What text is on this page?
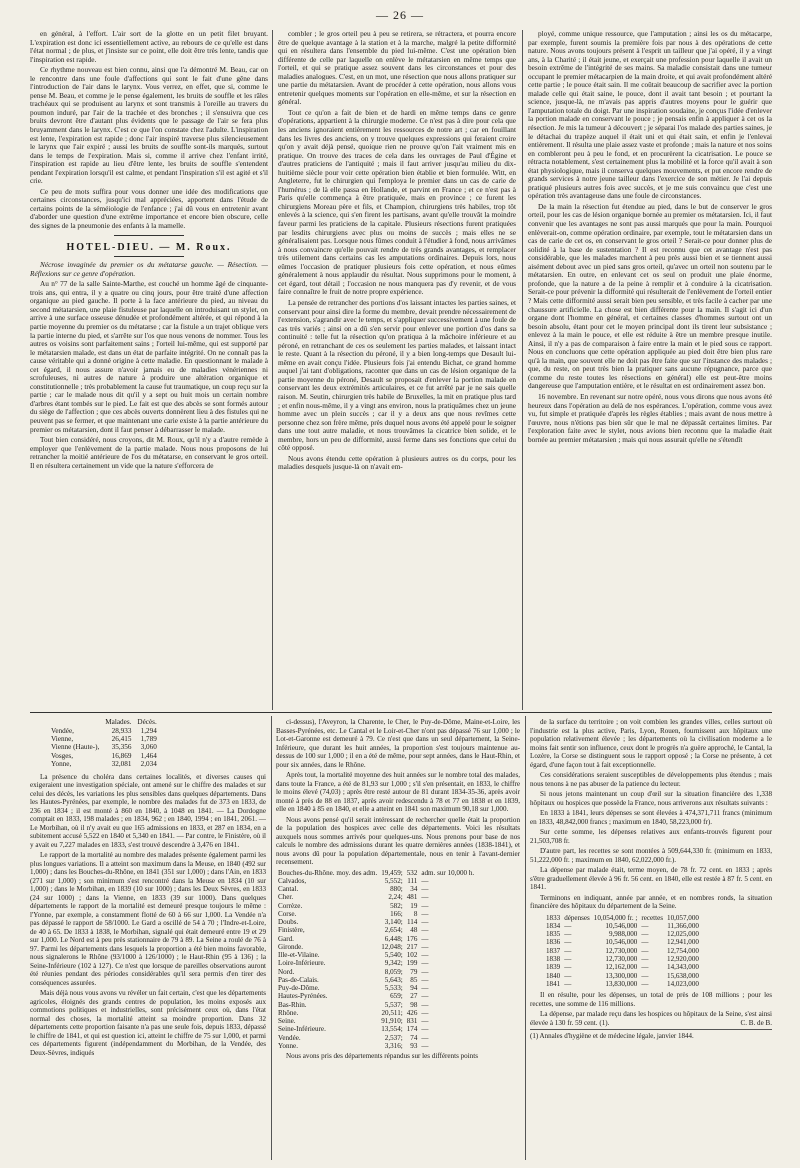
— 26 —

en général, à l'effort. L'air sort de la glotte en un petit filet bruyant. L'expiration est donc ici essentiellement active, au rebours de ce qu'elle est dans l'état normal ; de plus, et j'insiste sur ce point, elle doit être très lente, tandis que l'inspiration est rapide.

Ce rhythme nouveau est bien connu, ainsi que l'a démontré M. Beau, car on le rencontre dans une foule d'affections qui sont le fait d'une gêne dans l'introduction de l'air dans le larynx. Vous verrez, en effet, que si, comme le pense M. Beau, et comme je le pense également, les bruits de souffle et les râles trachéaux qui se produisent au larynx et sont transmis à l'oreille au travers du poumon induré, par l'air de la trachée et des bronches ; il s'ensuivra que ces bruits devront être d'autant plus évidents que le passage de l'air se fera plus bruyamment dans le larynx. C'est ce que l'on constate chez l'adulte. L'inspiration est lente, l'expiration est rapide ; donc l'air inspiré traverse plus silencieusement le larynx que l'air expiré ; aussi les bruits de souffle sont-ils marqués, surtout dans le temps de l'expiration. Mais si, comme il arrive chez l'enfant irrité, l'inspiration est rapide au lieu d'être lente, les bruits de souffle s'entendent pendant l'expiration lorsqu'il est calme, et pendant l'inspiration s'il est agité et s'il crie.

Ce peu de mots suffira pour vous donner une idée des modifications que certaines circonstances, jusqu'ici mal appréciées, apportent dans l'étude de certains points de la séméiologie de l'enfance ; j'ai dû vous en entretenir avant d'aborder une question d'une extrême importance et encore bien obscure, celle des signes de la pneumonie des enfants à la mamelle.

HOTEL-DIEU. — M. Roux.

Nécrose invaginée du premier os du métatarse gauche. — Résection. — Réflexions sur ce genre d'opération.

Au n° 77 de la salle Sainte-Marthe, est couché un homme âgé de cinquante-trois ans, qui entra, il y a quatre ou cinq jours, pour être traité d'une affection organique au pied gauche. Il porte à la face antérieure du pied, au niveau du second métatarsien, une plaie fistuleuse par laquelle on introduisant un stylet, on arrive à une surface osseuse dénudée et profondément altérée, et qui répond à la partie moyenne du premier os du métatarse ; car la fistule a un trajet oblique vers la partie interne du pied, et s'arrête sur l'os que nous venons de nommer. Tous les autres os voisins sont parfaitement sains ; l'orteil lui-même, qui est supporté par le métatarsien malade, est dans un état de parfaite intégrité. On ne connaît pas la cause véritable qui a donné origine à cette maladie. En questionnant le malade à cet égard, il nous assure n'avoir jamais eu de maladies vénériennes ni scrofuleuses, ni autres de nature à produire une altération organique et constitutionnelle ; très probablement la cause fut traumatique, un coup reçu sur la partie ; car le malade nous dit qu'il y a sept ou huit mois un certain nombre d'arbres étant tombés sur le pied. Le fait est que des abcès se sont formés autour du siège de l'affection ; que ces abcès ouverts donnèrent lieu à des fistules qui ne peuvent pas se fermer, et que maintenant une carie existe à la partie antérieure du premier os métatarsien, dont il faut penser à débarrasser le malade.

Tout bien considéré, nous croyons, dit M. Roux, qu'il n'y a d'autre remède à employer que l'enlèvement de la partie malade. Nous nous proposons de lui retrancher la moitié antérieure de l'os du métatarse, en conservant le gros orteil. Il en résultera certainement un vide que la nature s'efforcera de

combler ; le gros orteil peu à peu se retirera, se rétractera, et pourra encore être de quelque avantage à la station et à la marche, malgré la petite difformité qui en résultera dans l'ensemble du pied lui-même. C'est une opération bien différente de celle par laquelle on enlève le métatarsien en même temps que l'orteil, et qui se pratique assez souvent dans les circonstances et pour des maladies analogues. C'est, en un mot, une résection que nous allons pratiquer sur une partie du métatarsien. Avant de procéder à cette opération, nous allons vous entretenir quelques moments sur l'opération en elle-même, et sur la résection en général.

Tout ce qu'on a fait de bien et de hardi en même temps dans ce genre d'opérations, appartient à la chirurgie moderne. Ce n'est pas à dire pour cela que les anciens ignoraient entièrement les ressources de notre art ; car en fouillant dans les livres des anciens, on y trouve quelques expressions qui feraient croire qu'on y avait déjà pensé, quoique rien ne prouve qu'on l'ait vraiment mis en pratique. On trouve des traces de cela dans les ouvrages de Paul d'Égine et d'autres praticiens de l'antiquité ; mais il faut arriver jusqu'au milieu du dix-huitième siècle pour voir cette opération bien établie et bien formulée. Witt, en Angleterre, fut le chirurgien qui l'employa le premier dans un cas de carie de l'humérus ; de là elle passa en Hollande, et parvint en France ; et ce n'est pas à Paris qu'elle commença à être pratiquée, mais en province ; ce furent les chirurgiens Moreau père et fils, et Champion, chirurgiens très habiles, trop tôt enlevés à la science, qui s'en firent les partisans, avant qu'elle trouvât la moindre faveur parmi les praticiens de la capitale. Plusieurs résections furent pratiquées par lesdits chirurgiens avec plus ou moins de succès ; mais elles ne se généralisaient pas. Lorsque nous fûmes conduit à l'étudier à fond, nous arrivâmes à nous convaincre qu'elle pouvait rendre de très grands avantages, et remplacer très utilement dans certains cas les amputations ordinaires. Depuis lors, nous eûmes l'occasion de pratiquer plusieurs fois cette opération, et nous eûmes généralement à nous applaudir du résultat. Nous supprimons pour le moment, à cet égard, tout détail ; l'occasion ne nous manquera pas d'y revenir, et de vous faire connaître le fruit de notre propre expérience.

La pensée de retrancher des portions d'os laissant intactes les parties saines, et conservant pour ainsi dire la forme du membre, devait prendre nécessairement de l'extension, s'agrandir avec le temps, et s'appliquer successivement à une foule de cas très variés ; ainsi on a dû s'en servir pour enlever une portion d'os dans sa continuité : telle fut la résection qu'on pratiqua à la mâchoire inférieure et au péroné, en retranchant de ces os seulement les parties malades, et laissant intact le reste. Quant à la résection du péroné, il y a bien long-temps que Desault lui-même en avait conçu l'idée. Plusieurs fois j'ai entendu Bichat, ce grand homme auquel j'ai tant d'obligations, raconter que dans un cas de lésion organique de la partie moyenne du péroné, Desault se proposait d'enlever la portion malade en conservant les deux extrémités articulaires, et ce fut arrêté par je ne sais quelle raison. M. Seutin, chirurgien très habile de Bruxelles, la mit en pratique plus tard ; et enfin nous-même, il y a vingt ans environ, nous la pratiquâmes chez un jeune homme avec un plein succès ; car il y a deux ans que nous revîmes cette personne chez son frère même, près duquel nous avons été appelé pour le soigner dans une tout autre maladie, et nous trouvâmes la cicatrice bien solide, et le membre, hors un peu de difformité, aussi ferme dans ses fonctions que celui du côté opposé.

Nous avons étendu cette opération à plusieurs autres os du corps, pour les maladies desquels jusque-là on n'avait em-

ployé, comme unique ressource, que l'amputation ; ainsi les os du métacarpe, par exemple, furent soumis la première fois par nous à des opérations de cette nature. Nous avons toujours présent à l'esprit un tailleur que j'ai opéré, il y a vingt ans, à la Charité ; il était jeune, et exerçait une profession pour laquelle il avait un besoin extrême de l'intégrité de ses mains. Sa maladie consistait dans une tumeur occupant le premier métacarpien de la main droite, et qui avait profondément altéré cette partie ; le pouce était sain. Il me coûtait beaucoup de sacrifier avec la portion malade celle qui était saine, le pouce, dont il avait tant besoin ; et pourtant la science, jusque-là, ne m'avais pas appris d'autres moyens pour le guérir que l'amputation totale du doigt. Par une inspiration soudaine, je conçus l'idée d'enlever la portion malade en conservant le pouce ; je pensais enfin à appliquer à cet os la résection. Je mis la tumeur à découvert ; je séparai l'os malade des parties saines, je le détachai du trapèze auquel il était uni et qui était sain, et enfin je l'enlevai entièrement. Il résulta une plaie assez vaste et profonde ; mais la nature et nos soins en combleront peu à peu le fond, et en procurèrent la cicatrisation. Le pouce se rétracta notablement, s'est certainement plus la mobilité et la force qu'il avait à son état physiologique, mais il conserva quelques mouvements, et put encore rendre de grands services à notre jeune tailleur dans l'exercice de son métier. Je l'ai depuis pratiqué plusieurs autres fois avec succès, et je me suis convaincu que c'est une opération très avantageuse dans une foule de circonstances.

De la main la résection fut étendue au pied, dans le but de conserver le gros orteil, pour les cas de lésion organique bornée au premier os métatarsien. Ici, il faut convenir que les avantages ne sont pas aussi marqués que pour la main. Pourquoi enlèverait-on, comme opération ordinaire, par exemple, tout le métatarsien dans un cas de carie de cet os, en conservant le gros orteil ? Serait-ce pour donner plus de solidité à la base de sustentation ? Il est reconnu que cet avantage n'est pas considérable, que les malades marchent à peu près aussi bien et se tiennent aussi aisément debout avec un pied sans gros orteil, qu'avec un orteil non soutenu par le métatarsien. En outre, en enlevant cet os seul on produit une plaie énorme, profonde, que la nature a de la peine à remplir et à conduire à la cicatrisation. Serait-ce pour prévenir la difformité qui résulterait de l'enlèvement de l'orteil entier ? Mais cette difformité aussi serait bien peu sensible, et très facile à cacher par une chaussure artificielle. La chose est bien différente pour la main. Il s'agit ici d'un organe dont l'homme en général, et certaines classes d'hommes surtout ont un besoin absolu, étant pour cet le moyen principal dont ils tirent leur subsistance ; enlevez à la main le pouce, et elle est réduite à être un membre presque inutile. Ainsi, il n'y a pas de comparaison à faire entre la main et le pied sous ce rapport. Nous en concluons que cette opération appliquée au pied doit être bien plus rare qu'à la main, que souvent elle ne doit pas être faite que sur l'instance des malades ; que, du reste, on peut très bien la pratiquer sans aucune répugnance, parce que (comme du reste toutes les résections en général) elle est peut-être moins dangereuse que l'amputation entière, et le résultat en est ordinairement assez bon.

16 novembre. En revenant sur notre opéré, nous vous dirons que nous avons été heureux dans l'opération au delà de nos espérances. L'opération, comme vous avez vu, fut simple et pratiquée d'après les règles établies ; mais avant de nous mettre à l'œuvre, nous n'étions pas bien sûr que le mal ne dépassât certaines limites. Par l'exploration faite avec le stylet, nous avions bien reconnu que la maladie était bornée au premier métatarsien ; mais qui nous assurait qu'elle ne s'étendît

	Malades.	Décès.
Vendée,	28,933	1,294
Vienne,	26,415	1,789
Vienne (Haute-),	35,356	3,060
Vosges,	16,869	1,464
Yonne,	32,081	2,034

La présence du choléra dans certaines localités, et diverses causes qui exigeraient une investigation spéciale, ont amené sur le chiffre des malades et sur celui des décès, les variations les plus sensibles dans quelques départements. Dans les Hautes-Pyrénées, par exemple, le nombre des malades fut de 373 en 1833, de 236 en 1834 ; il est monté à 860 en 1840, à 1048 en 1841. — La Dordogne comptait en 1833, 198 malades ; en 1834, 962 ; en 1840, 1994 ; en 1841, 2061. — Le Morbihan, où il n'y avait eu que 165 admissions en 1833, et 287 en 1834, en a subitement accusé 5,522 en 1840 et 5,340 en 1841. — Par contre, le Finistère, où il y avait eu 7,227 malades en 1833, s'est trouvé descendre à 3,476 en 1841.

Le rapport de la mortalité au nombre des malades présente également parmi les plus longues variations. Il a atteint son maximum dans la Meuse, en 1840 (492 sur 1,000) ; dans les Bouches-du-Rhône, en 1841 (351 sur 1,000) ; dans l'Ain, en 1833 (271 sur 1,000) ; son minimum s'est rencontré dans la Meuse en 1834 (10 sur 1,000) ; dans le Morbihan, en 1839 (10 sur 1000) ; dans les Deux Sèvres, en 1833 (24 sur 1000) ; dans la Vienne, en 1833 (39 sur 1000). Dans quelques départements le rapport de la mortalité est demeuré presque toujours le même : l'Yonne, par exemple, a constamment flotté de 60 à 66 sur 1,000. La Vendée n'a pas dépassé le rapport de 58/1000. Le Gard a oscillé de 54 à 70 ; l'Indre-et-Loire, de 40 à 65. De 1833 à 1838, le Morbihan, signalé qui était demeuré entre 19 et 29 sur 1,000. Le Nord est à peu près stationnaire de 79 à 89. La Seine a roulé de 76 à 97. Parmi les départements dans lesquels la proportion a été bien moins favorable, nous signalerons le Rhône (93/1000 à 126/1000) ; le Haut-Rhin (95 à 136) ; la Seine-Inférieure (102 à 127). Ce n'est que lorsque de pareilles observations auront été réunies pendant des périodes considérables qu'il sera permis d'en tirer des conséquences assurées.

Mais déjà nous vous avons vu révéler un fait certain, c'est que les départements agricoles, éloignés des grands centres de population, les moins exposés aux commotions politiques et industrielles, sont précisément ceux où, dans l'état normal des choses, la mortalité atteint sa moindre proportion. Dans 32 départements cette proportion faisante n'a pas une seule fois, depuis 1833, dépassé le chiffre de 1841, et qui est question ici, atteint le chiffre de 75 sur 1,000, et parmi ces départements figurent (indépendamment du Morbihan, de la Vendée, des Deux-Sèvres, indiqués

ci-dessus), l'Aveyron, la Charente, le Cher, le Puy-de-Dôme, Maine-et-Loire, les Basses-Pyrénées, etc. Le Cantal et le Loir-et-Cher n'ont pas dépassé 76 sur 1,000 ; le Lot-et-Garonne est demeuré à 79. Ce n'est que dans un seul département, la Seine-Inférieure, que durant les huit années, la proportion s'est toujours maintenue au-dessus de 100 sur 1,000 ; il en a été de même, pour sept années, dans le Haut-Rhin, et pour six années, dans le Rhône.

Après tout, la mortalité moyenne des huit années sur le nombre total des malades, dans toute la France, a été de 81,93 sur 1,000 ; s'il s'en présentait, en 1833, le chiffre le moins élevé (74,03) ; après être resté autour de 81 durant 1834-35-36, après avoir monté à près de 88 en 1837, après avoir redescendu à 78 et 77 en 1838 et en 1839, elle en 1840 à 85 en 1840, et elle a atteint en 1841 son maximum 90,18 sur 1,000.

Nous avons pensé qu'il serait intéressant de rechercher quelle était la proportion de la population des hospices avec celle des départements. Voici les résultats auxquels nous sommes arrivés pour quelques-uns. Nous prenons pour base de nos calculs le nombre des admissions durant les quatre dernières années (1838-1841), et nous avons dû pour la population départementale, nous en tenir à l'avant-dernier recensement.

Bouches-du-Rhône. moy. des adm.	19,459;	532	adm. sur 10,000 h.
Calvados,	5,552;	111	—
Cantal.	880;	34	—
Cher.	2,24;	481	—
Corrèze.	582;	19	—
Corse.	166;	8	—
Doubs.	3,140;	114	—
Finistère,	2,654;	48	—
Gard.	6,448;	176	—
Gironde.	12,048;	217	—
Ille-et-Vilaine.	5,540;	102	—
Loire-Inférieure.	9,342;	199	—
Nord.	8,059;	79	—
Pas-de-Calais.	5,643;	85	—
Puy-de-Dôme.	5,533;	94	—
Hautes-Pyrénées.	659;	27	—
Bas-Rhin.	5,537;	98	—
Rhône.	20,511;	426	—
Seine.	91,910;	831	—
Seine-Inférieure.	13,554;	174	—
Vendée.	2,537;	74	—
Yonne.	3,316;	93	—

Nous avons pris des départements répandus sur les différents points

de la surface du territoire ; on voit combien les grandes villes, celles surtout où l'industrie est la plus active, Paris, Lyon, Rouen, fournissent aux hôpitaux une population relativement élevée ; les départements où la civilisation moderne a le moins fait sentir son influence, ceux dont le progrès n'a guère approché, le Cantal, la Lozère, la Corse se distinguent sous le rapport opposé ; la Corse ne présente, à cet égard, d'une façon tout à fait exceptionnelle.

Ces considérations seraient susceptibles de développements plus étendus ; mais nous tenons à ne pas abuser de la patience du lecteur.

Si nous jetons maintenant un coup d'œil sur la situation financière des 1,338 hôpitaux ou hospices que possède la France, nous arriverons aux résultats suivants :

En 1833 à 1841, leurs dépenses se sont élevées à 474,371,711 francs (minimum en 1833, 48,842,000 francs ; maximum en 1840, 58,223,000 fr).

Sur cette somme, les dépenses relatives aux enfants-trouvés figurent pour 21,503,708 fr.

D'autre part, les recettes se sont montées à 509,644,330 fr. (minimum en 1833, 51,222,000 fr. ; maximum en 1840, 62,022,000 fr.).

La dépense par malade était, terme moyen, de 78 fr. 72 cent. en 1833 ; après s'être graduellement élevée à 96 fr. 56 cent. en 1840, elle est restée à 87 fr. 5 cent. en 1841.

Terminons en indiquant, année par année, et en nombres ronds, la situation financière des hôpitaux du département de la Seine.

1833	dépenses	10,054,000 fr. ;	recettes	10,057,000
1834	—	10,546,000	—	11,366,000
1835	—	9,988,000	—	12,025,000
1836	—	10,546,000	—	12,941,000
1837	—	12,730,000	—	12,754,000
1838	—	12,730,000	—	12,920,000
1839	—	12,162,000	—	14,343,000
1840	—	13,300,000	—	15,638,000
1841	—	13,830,000	—	14,023,000

Il en résulte, pour les dépenses, un total de près de 108 millions ; pour les recettes, une somme de 116 millions.

La dépense, par malade reçu dans les hospices ou hôpitaux de la Seine, s'est ainsi élevée à 130 fr. 59 cent. (1).	C. B. de B.

(1) Annales d'hygiène et de médecine légale, janvier 1844.
